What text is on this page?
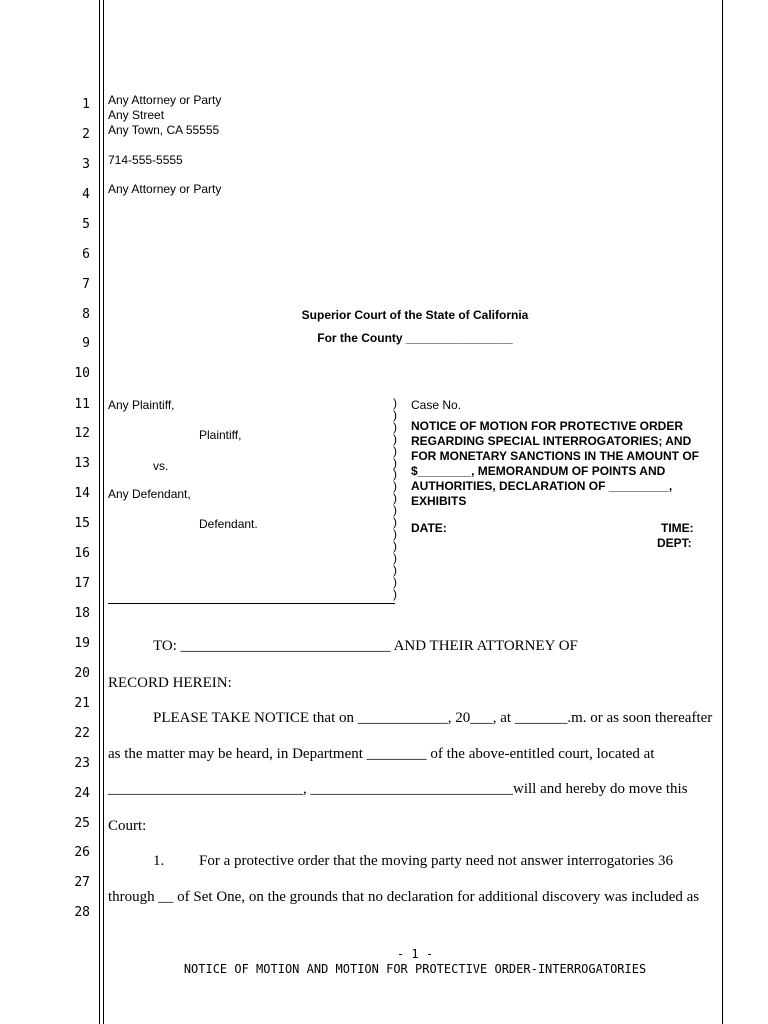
1
2
3
4
5
6
7
8
9
10
11
12
13
14
15
16
17
18
19
20
21
22
23
24
25
26
27
28
Any Attorney or Party
Any Street
Any Town, CA 55555
714-555-5555
Any Attorney or Party
Superior Court of the State of California
For the County ________________
Any Plaintiff,
Plaintiff,
vs.
Any Defendant,
Defendant.
)
)
)
)
)
)
)
)
)
)
)
)
)
)
)
)
)
Case No.
NOTICE OF MOTION FOR PROTECTIVE ORDER REGARDING SPECIAL INTERROGATORIES; AND FOR MONETARY SANCTIONS IN THE AMOUNT OF $________, MEMORANDUM OF POINTS AND AUTHORITIES, DECLARATION OF _________, EXHIBITS
DATE:	TIME:
DEPT:
TO: ____________________________ AND THEIR ATTORNEY OF
RECORD HEREIN:
PLEASE TAKE NOTICE that on ____________, 20___, at _______.m. or as soon thereafter
as the matter may be heard, in Department ________ of the above-entitled court, located at
__________________________, ___________________________will and hereby do move this
Court:
1. For a protective order that the moving party need not answer interrogatories 36
through __ of Set One, on the grounds that no declaration for additional discovery was included as
- 1 -
NOTICE OF MOTION AND MOTION FOR PROTECTIVE ORDER-INTERROGATORIES
